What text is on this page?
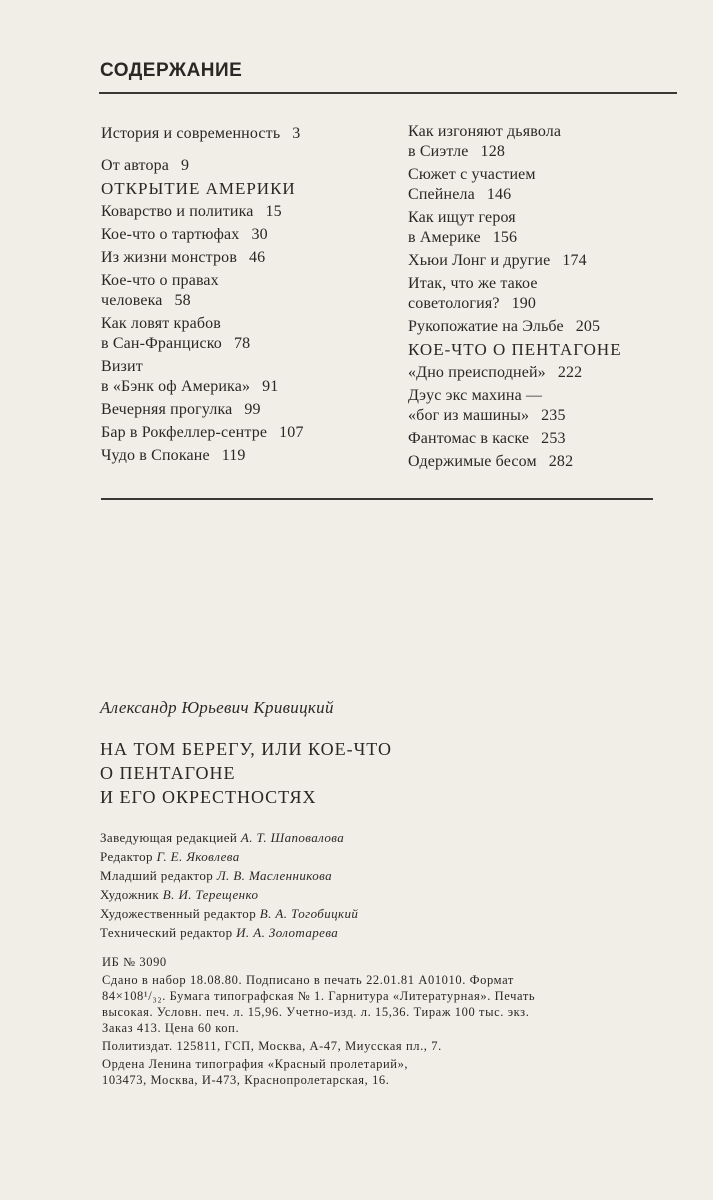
СОДЕРЖАНИЕ
История и современность 3
От автора 9
ОТКРЫТИЕ АМЕРИКИ
Коварство и политика 15
Кое-что о тартюфах 30
Из жизни монстров 46
Кое-что о правах
человека 58
Как ловят крабов
в Сан-Франциско 78
Визит
в «Бэнк оф Америка» 91
Вечерняя прогулка 99
Бар в Рокфеллер-сентре 107
Чудо в Спокане 119
Как изгоняют дьявола
в Сиэтле 128
Сюжет с участием
Спейнела 146
Как ищут героя
в Америке 156
Хьюи Лонг и другие 174
Итак, что же такое
советология? 190
Рукопожатие на Эльбе 205
КОЕ-ЧТО О ПЕНТАГОНЕ
«Дно преисподней» 222
Дэус экс махина —
«бог из машины» 235
Фантомас в каске 253
Одержимые бесом 282
Александр Юрьевич Кривицкий
НА ТОМ БЕРЕГУ, ИЛИ КОЕ-ЧТО
О ПЕНТАГОНЕ
И ЕГО ОКРЕСТНОСТЯХ
Заведующая редакцией А. Т. Шаповалова
Редактор Г. Е. Яковлева
Младший редактор Л. В. Масленникова
Художник В. И. Терещенко
Художественный редактор В. А. Тогобицкий
Технический редактор И. А. Золотарева
ИБ № 3090
Сдано в набор 18.08.80. Подписано в печать 22.01.81 А01010. Формат
84×108¹/₃₂. Бумага типографская № 1. Гарнитура «Литературная». Печать
высокая. Условн. печ. л. 15,96. Учетно-изд. л. 15,36. Тираж 100 тыс. экз.
Заказ 413. Цена 60 коп.
Политиздат. 125811, ГСП, Москва, А-47, Миусская пл., 7.
Ордена Ленина типография «Красный пролетарий»,
103473, Москва, И-473, Краснопролетарская, 16.
